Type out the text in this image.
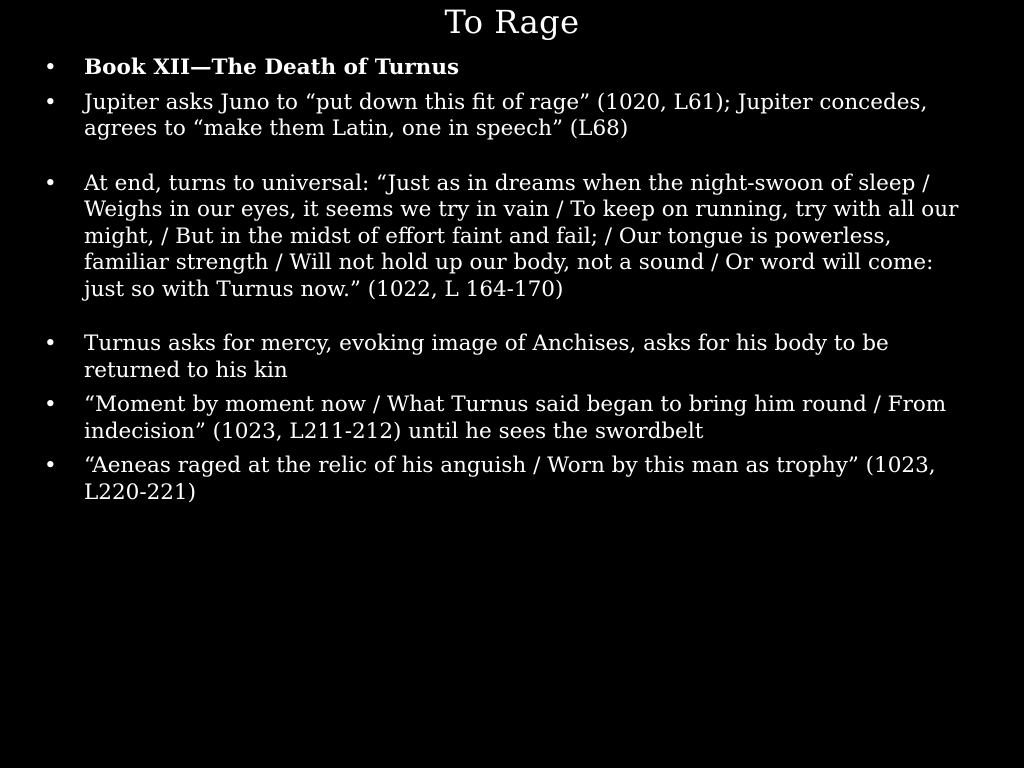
To Rage
•	Book XII—The Death of Turnus
•	Jupiter asks Juno to “put down this fit of rage” (1020, L61); Jupiter concedes, agrees to “make them Latin, one in speech” (L68)
•	At end, turns to universal: “Just as in dreams when the night-swoon of sleep / Weighs in our eyes, it seems we try in vain / To keep on running, try with all our might, / But in the midst of effort faint and fail; / Our tongue is powerless, familiar strength / Will not hold up our body, not a sound / Or word will come: just so with Turnus now.” (1022, L 164-170)
•	Turnus asks for mercy, evoking image of Anchises, asks for his body to be returned to his kin
•	“Moment by moment now / What Turnus said began to bring him round / From indecision” (1023, L211-212) until he sees the swordbelt
•	“Aeneas raged at the relic of his anguish / Worn by this man as trophy” (1023, L220-221)
